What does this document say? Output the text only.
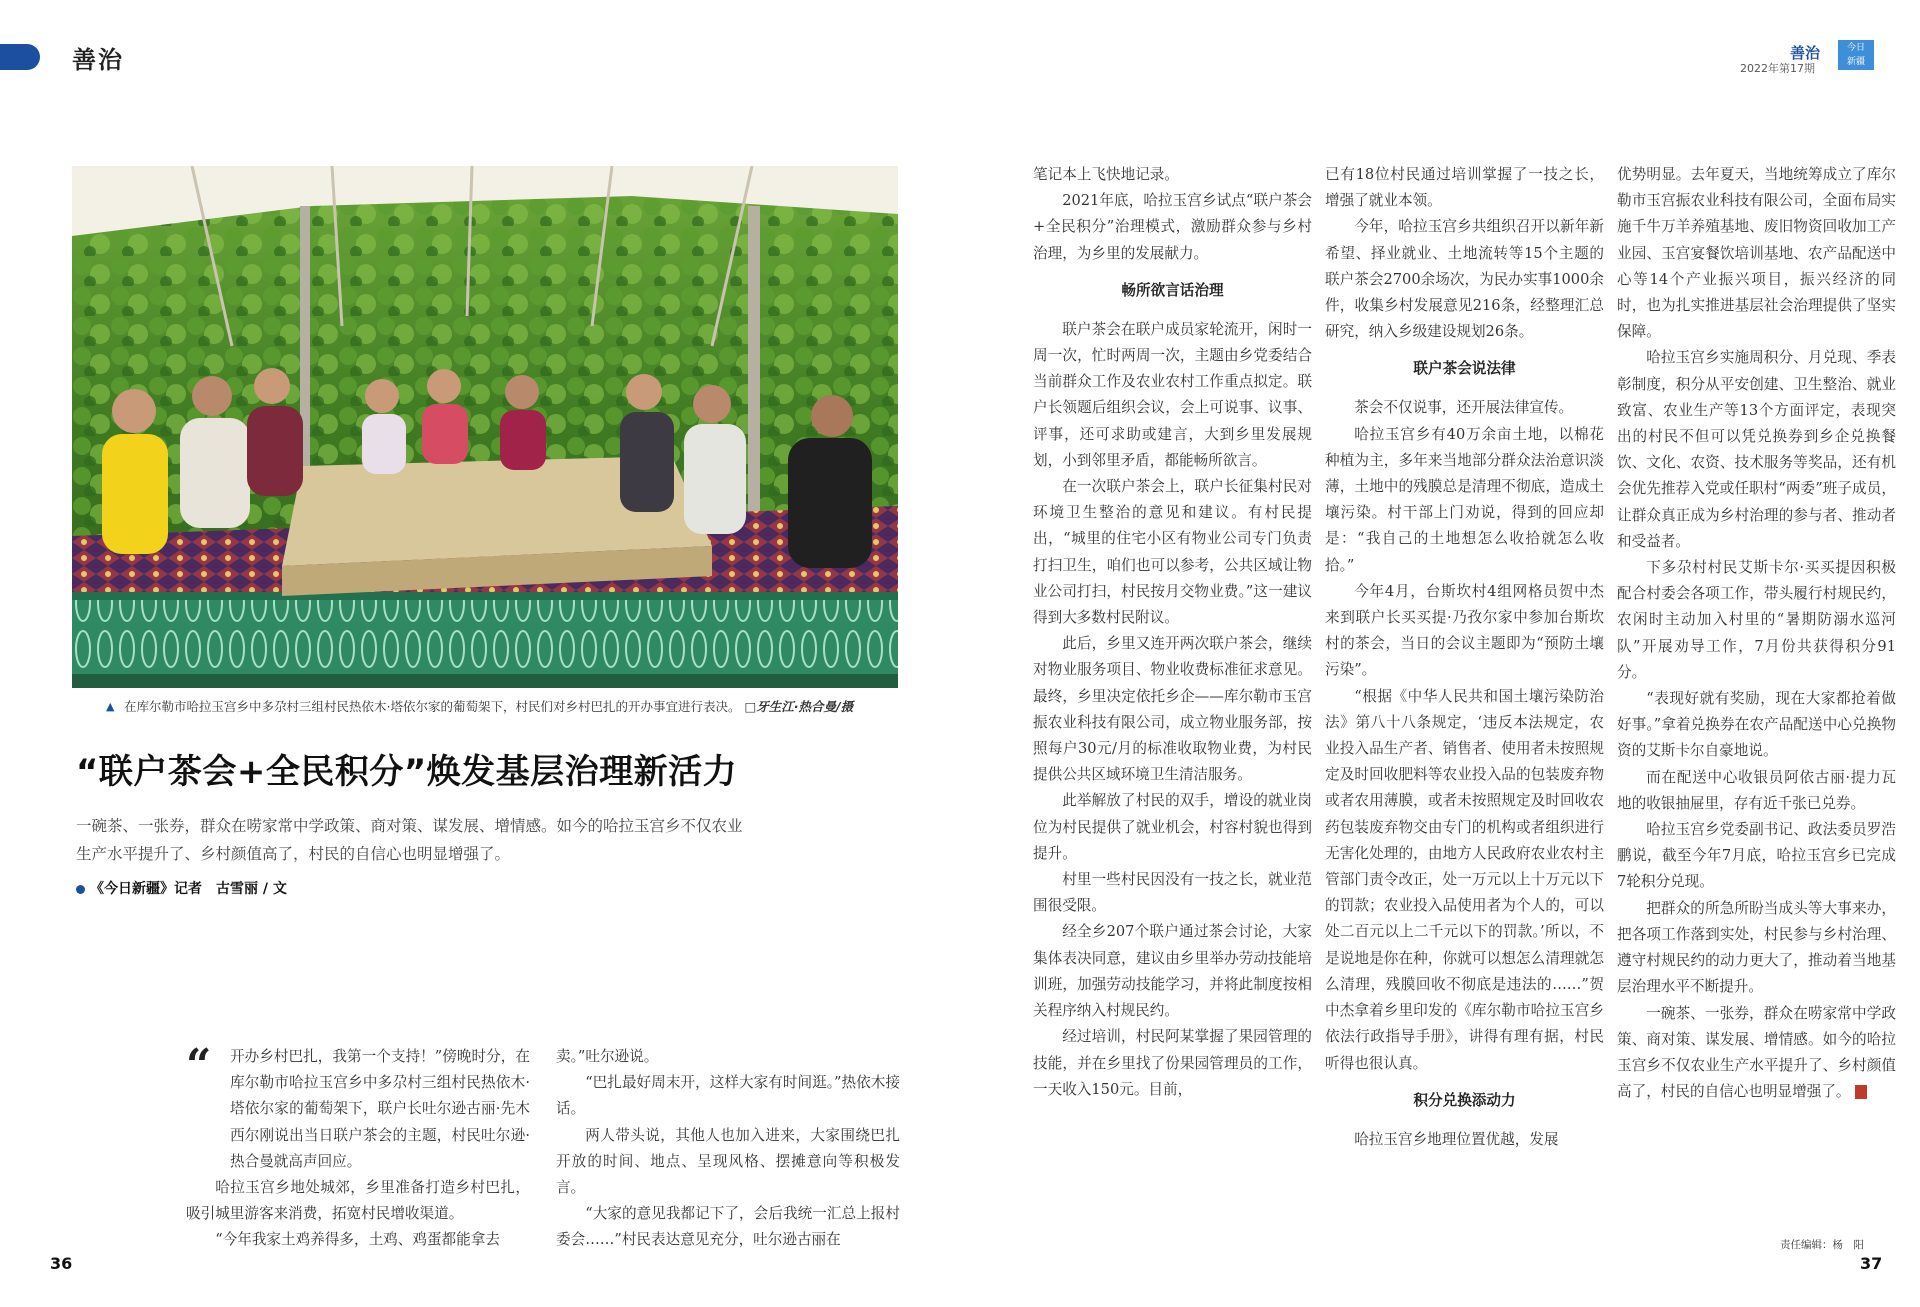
善治	善治
2022年第17期
今日
新疆
▲ 在库尔勒市哈拉玉宫乡中多尕村三组村民热依木·塔依尔家的葡萄架下，村民们对乡村巴扎的开办事宜进行表决。 □牙生江·热合曼/摄
“联户茶会+全民积分”焕发基层治理新活力
一碗茶、一张券，群众在唠家常中学政策、商对策、谋发展、增情感。如今的哈拉玉宫乡不仅农业生产水平提升了、乡村颜值高了，村民的自信心也明显增强了。
《今日新疆》记者　古雪丽 / 文
“	开办乡村巴扎，我第一个支持！”傍晚时分，在库尔勒市哈拉玉宫乡中多尕村三组村民热依木·塔依尔家的葡萄架下，联户长吐尔逊古丽·先木西尔刚说出当日联户茶会的主题，村民吐尔逊·热合曼就高声回应。

哈拉玉宫乡地处城郊，乡里准备打造乡村巴扎，吸引城里游客来消费，拓宽村民增收渠道。

“今年我家土鸡养得多，土鸡、鸡蛋都能拿去

卖。”吐尔逊说。

“巴扎最好周末开，这样大家有时间逛。”热依木接话。

两人带头说，其他人也加入进来，大家围绕巴扎开放的时间、地点、呈现风格、摆摊意向等积极发言。

“大家的意见我都记下了，会后我统一汇总上报村委会……”村民表达意见充分，吐尔逊古丽在

笔记本上飞快地记录。

2021年底，哈拉玉宫乡试点“联户茶会+全民积分”治理模式，激励群众参与乡村治理，为乡里的发展献力。

畅所欲言话治理

联户茶会在联户成员家轮流开，闲时一周一次，忙时两周一次，主题由乡党委结合当前群众工作及农业农村工作重点拟定。联户长领题后组织会议，会上可说事、议事、评事，还可求助或建言，大到乡里发展规划，小到邻里矛盾，都能畅所欲言。

在一次联户茶会上，联户长征集村民对环境卫生整治的意见和建议。有村民提出，“城里的住宅小区有物业公司专门负责打扫卫生，咱们也可以参考，公共区域让物业公司打扫，村民按月交物业费。”这一建议得到大多数村民附议。

此后，乡里又连开两次联户茶会，继续对物业服务项目、物业收费标准征求意见。最终，乡里决定依托乡企——库尔勒市玉宫振农业科技有限公司，成立物业服务部，按照每户30元/月的标准收取物业费，为村民提供公共区域环境卫生清洁服务。

此举解放了村民的双手，增设的就业岗位为村民提供了就业机会，村容村貌也得到提升。

村里一些村民因没有一技之长，就业范围很受限。

经全乡207个联户通过茶会讨论，大家集体表决同意，建议由乡里举办劳动技能培训班，加强劳动技能学习，并将此制度按相关程序纳入村规民约。

经过培训，村民阿某掌握了果园管理的技能，并在乡里找了份果园管理员的工作，一天收入150元。目前，

已有18位村民通过培训掌握了一技之长，增强了就业本领。

今年，哈拉玉宫乡共组织召开以新年新希望、择业就业、土地流转等15个主题的联户茶会2700余场次，为民办实事1000余件，收集乡村发展意见216条，经整理汇总研究，纳入乡级建设规划26条。

联户茶会说法律

茶会不仅说事，还开展法律宣传。

哈拉玉宫乡有40万余亩土地，以棉花种植为主，多年来当地部分群众法治意识淡薄，土地中的残膜总是清理不彻底，造成土壤污染。村干部上门劝说，得到的回应却是：“我自己的土地想怎么收拾就怎么收拾。”

今年4月，台斯坎村4组网格员贺中杰来到联户长买买提·乃孜尔家中参加台斯坎村的茶会，当日的会议主题即为“预防土壤污染”。

“根据《中华人民共和国土壤污染防治法》第八十八条规定，‘违反本法规定，农业投入品生产者、销售者、使用者未按照规定及时回收肥料等农业投入品的包装废弃物或者农用薄膜，或者未按照规定及时回收农药包装废弃物交由专门的机构或者组织进行无害化处理的，由地方人民政府农业农村主管部门责令改正，处一万元以上十万元以下的罚款；农业投入品使用者为个人的，可以处二百元以上二千元以下的罚款。’所以，不是说地是你在种，你就可以想怎么清理就怎么清理，残膜回收不彻底是违法的……”贺中杰拿着乡里印发的《库尔勒市哈拉玉宫乡依法行政指导手册》，讲得有理有据，村民听得也很认真。

积分兑换添动力

哈拉玉宫乡地理位置优越，发展

优势明显。去年夏天，当地统筹成立了库尔勒市玉宫振农业科技有限公司，全面布局实施千牛万羊养殖基地、废旧物资回收加工产业园、玉宫宴餐饮培训基地、农产品配送中心等14个产业振兴项目，振兴经济的同时，也为扎实推进基层社会治理提供了坚实保障。

哈拉玉宫乡实施周积分、月兑现、季表彰制度，积分从平安创建、卫生整治、就业致富、农业生产等13个方面评定，表现突出的村民不但可以凭兑换券到乡企兑换餐饮、文化、农资、技术服务等奖品，还有机会优先推荐入党或任职村“两委”班子成员，让群众真正成为乡村治理的参与者、推动者和受益者。

下多尕村村民艾斯卡尔·买买提因积极配合村委会各项工作，带头履行村规民约，农闲时主动加入村里的“暑期防溺水巡河队”开展劝导工作，7月份共获得积分91分。

“表现好就有奖励，现在大家都抢着做好事。”拿着兑换券在农产品配送中心兑换物资的艾斯卡尔自豪地说。

而在配送中心收银员阿依古丽·提力瓦地的收银抽屉里，存有近千张已兑券。

哈拉玉宫乡党委副书记、政法委员罗浩鹏说，截至今年7月底，哈拉玉宫乡已完成7轮积分兑现。

把群众的所急所盼当成头等大事来办，把各项工作落到实处，村民参与乡村治理、遵守村规民约的动力更大了，推动着当地基层治理水平不断提升。

一碗茶、一张券，群众在唠家常中学政策、商对策、谋发展、增情感。如今的哈拉玉宫乡不仅农业生产水平提升了、乡村颜值高了，村民的自信心也明显增强了。

36
责任编辑：杨　阳
37
